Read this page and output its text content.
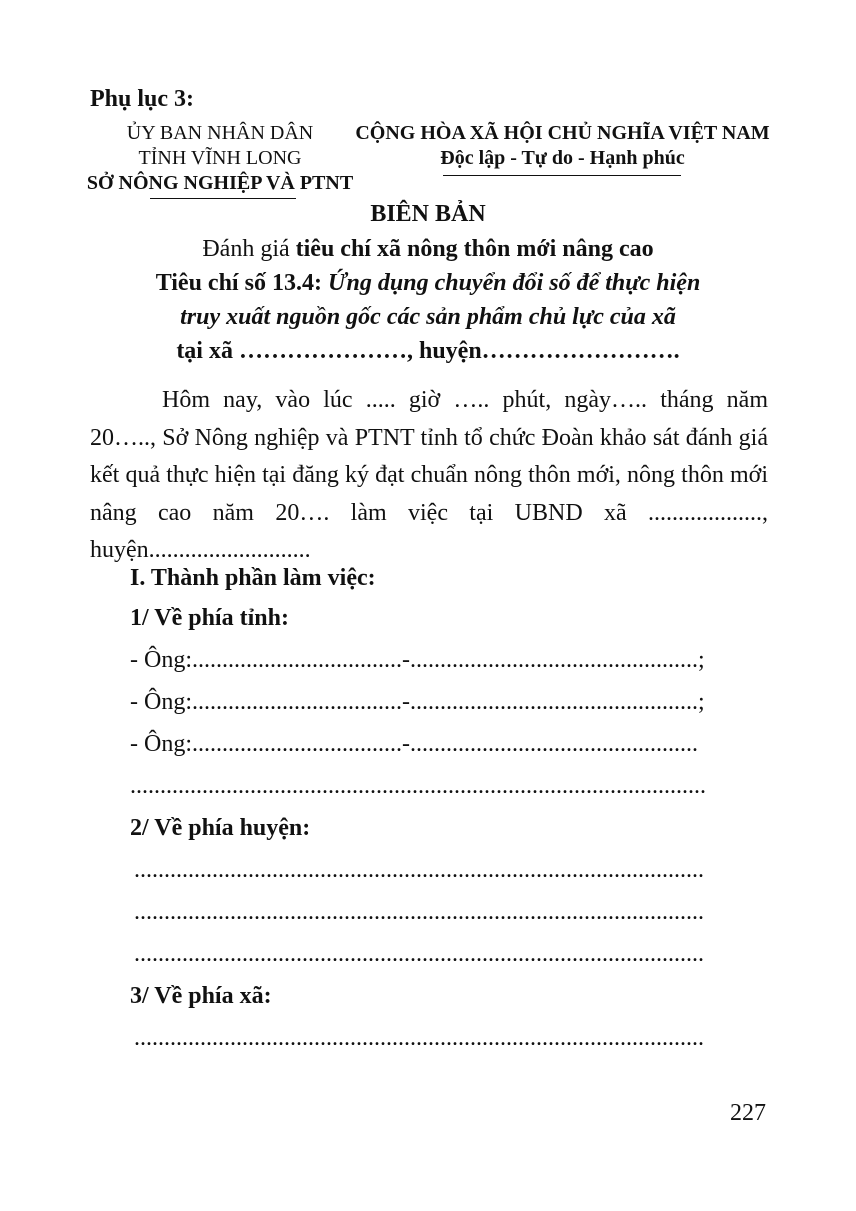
Phụ lục 3:
ỦY BAN NHÂN DÂN
TỈNH VĨNH LONG
SỞ NÔNG NGHIỆP VÀ PTNT
CỘNG HÒA XÃ HỘI CHỦ NGHĨA VIỆT NAM
Độc lập - Tự do - Hạnh phúc
BIÊN BẢN
Đánh giá tiêu chí xã nông thôn mới nâng cao
Tiêu chí số 13.4: Ứng dụng chuyển đổi số để thực hiện
truy xuất nguồn gốc các sản phẩm chủ lực của xã
tại xã …………………, huyện…………………….
Hôm nay, vào lúc ..... giờ ….. phút, ngày….. tháng năm 20….., Sở Nông nghiệp và PTNT tỉnh tổ chức Đoàn khảo sát đánh giá kết quả thực hiện tại đăng ký đạt chuẩn nông thôn mới, nông thôn mới nâng cao năm 20…. làm việc tại UBND xã ..................., huyện...........................
I. Thành phần làm việc:
1/ Về phía tỉnh:
- Ông:...................................-................................................;
- Ông:...................................-................................................;
- Ông:...................................-................................................
................................................................................................
2/ Về phía huyện:
...............................................................................................
...............................................................................................
...............................................................................................
3/ Về phía xã:
...............................................................................................
227
